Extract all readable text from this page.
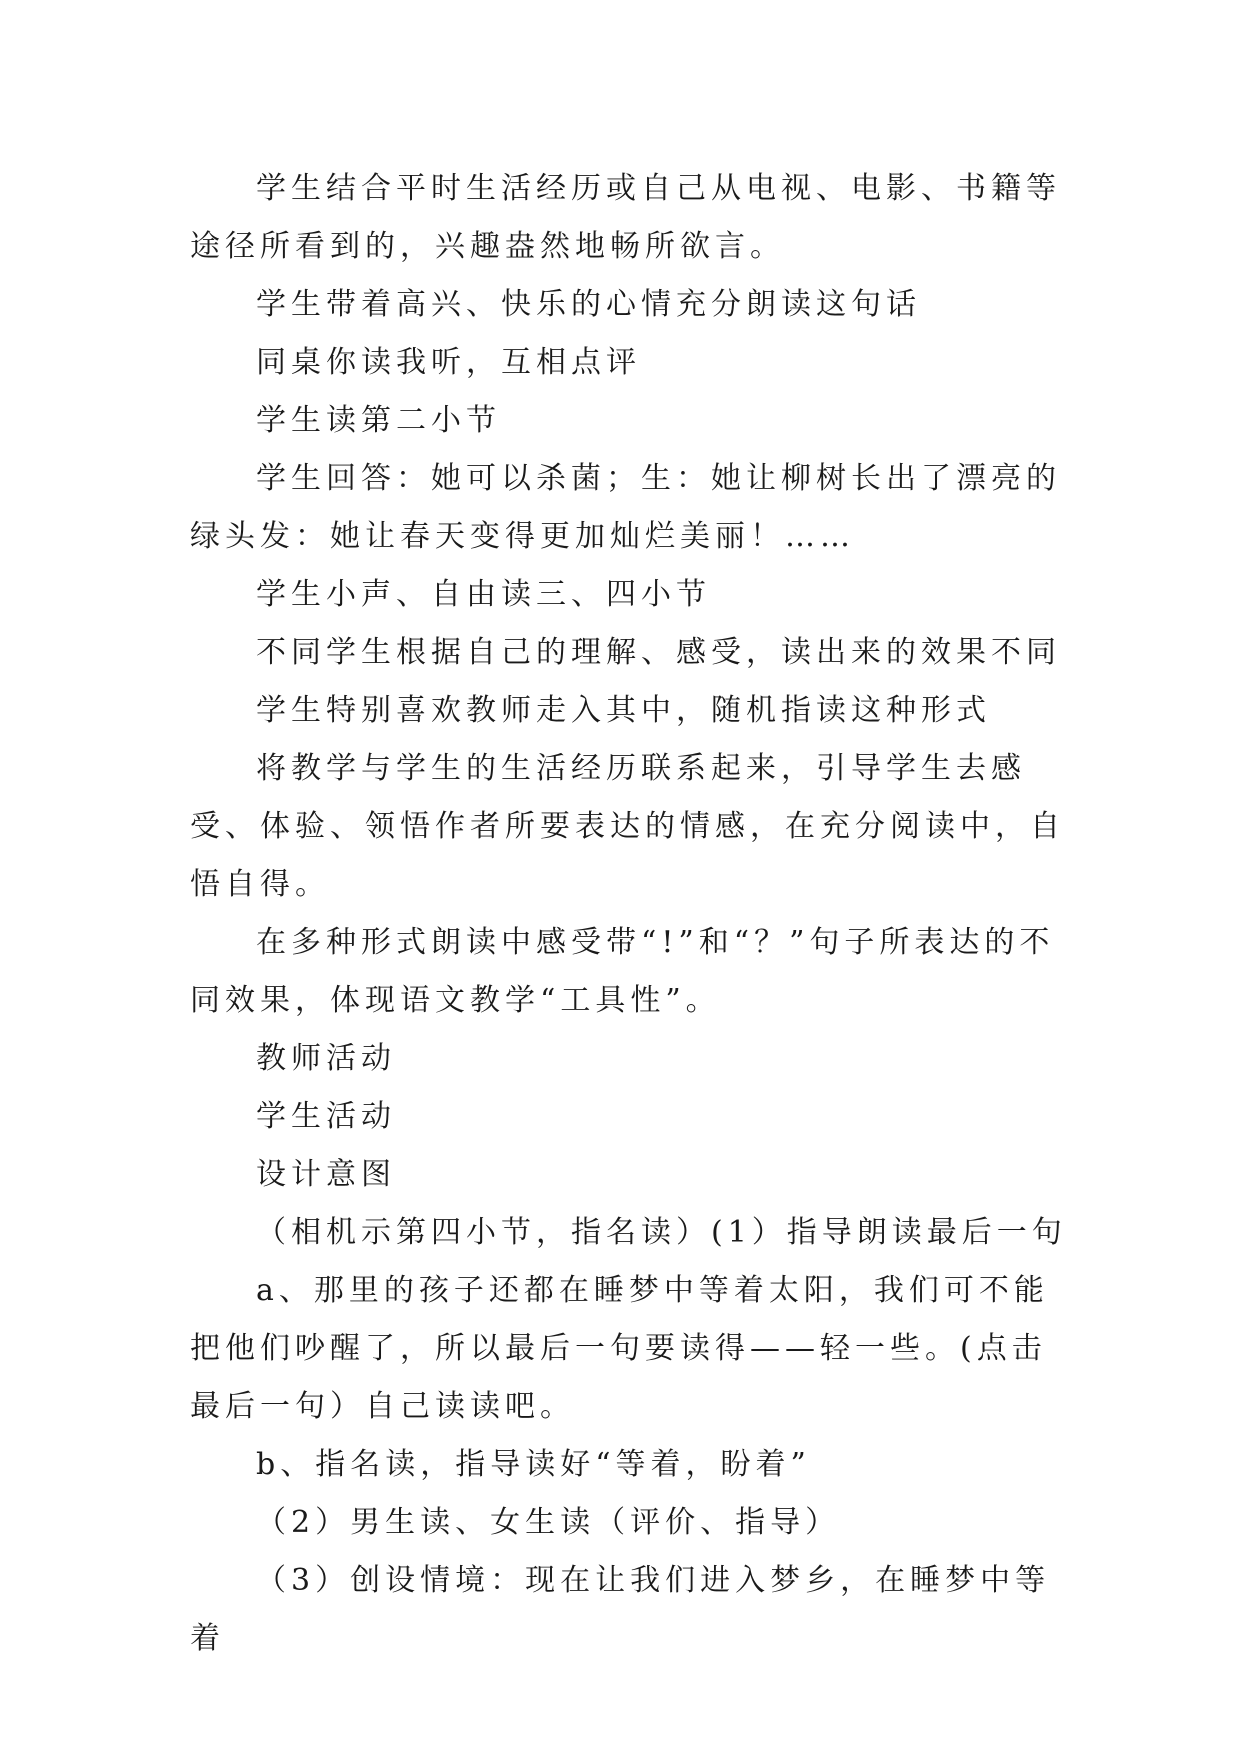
学生结合平时生活经历或自己从电视、电影、书籍等途径所看到的，兴趣盎然地畅所欲言。

学生带着高兴、快乐的心情充分朗读这句话

同桌你读我听，互相点评

学生读第二小节

学生回答：她可以杀菌；生：她让柳树长出了漂亮的绿头发：她让春天变得更加灿烂美丽！……

学生小声、自由读三、四小节

不同学生根据自己的理解、感受，读出来的效果不同

学生特别喜欢教师走入其中，随机指读这种形式

将教学与学生的生活经历联系起来，引导学生去感受、体验、领悟作者所要表达的情感，在充分阅读中，自悟自得。

在多种形式朗读中感受带“!”和“？”句子所表达的不同效果，体现语文教学“工具性”。

教师活动

学生活动

设计意图

（相机示第四小节，指名读）(1）指导朗读最后一句

a、那里的孩子还都在睡梦中等着太阳，我们可不能把他们吵醒了，所以最后一句要读得——轻一些。(点击最后一句）自己读读吧。

b、指名读，指导读好“等着，盼着”

（2）男生读、女生读（评价、指导）

（3）创设情境：现在让我们进入梦乡，在睡梦中等着
